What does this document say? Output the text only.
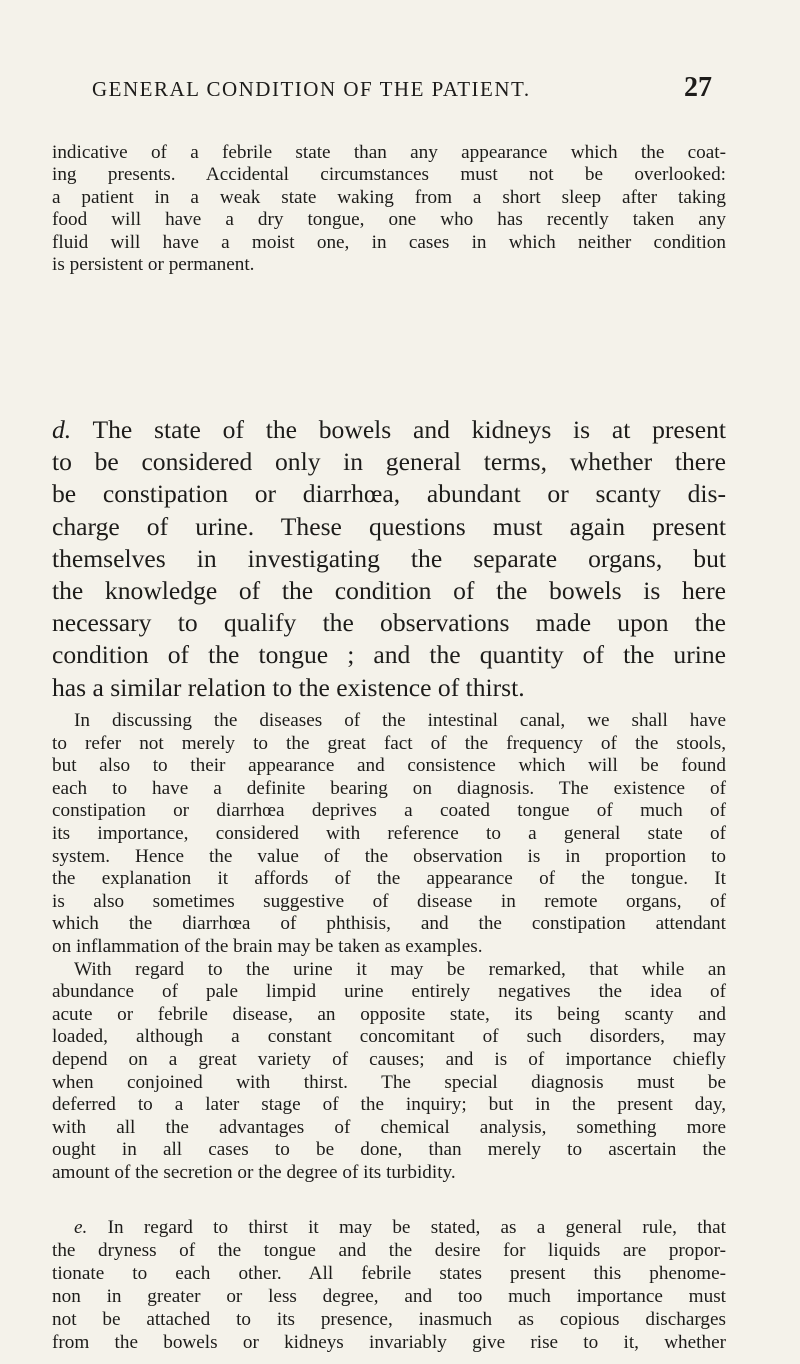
GENERAL CONDITION OF THE PATIENT.	27

indicative of a febrile state than any appearance which the coat-
ing presents. Accidental circumstances must not be overlooked:
a patient in a weak state waking from a short sleep after taking
food will have a dry tongue, one who has recently taken any
fluid will have a moist one, in cases in which neither condition
is persistent or permanent.

d. The state of the bowels and kidneys is at present
to be considered only in general terms, whether there
be constipation or diarrhœa, abundant or scanty dis-
charge of urine. These questions must again present
themselves in investigating the separate organs, but
the knowledge of the condition of the bowels is here
necessary to qualify the observations made upon the
condition of the tongue ; and the quantity of the urine
has a similar relation to the existence of thirst.

In discussing the diseases of the intestinal canal, we shall have
to refer not merely to the great fact of the frequency of the stools,
but also to their appearance and consistence which will be found
each to have a definite bearing on diagnosis. The existence of
constipation or diarrhœa deprives a coated tongue of much of
its importance, considered with reference to a general state of
system. Hence the value of the observation is in proportion to
the explanation it affords of the appearance of the tongue. It
is also sometimes suggestive of disease in remote organs, of
which the diarrhœa of phthisis, and the constipation attendant
on inflammation of the brain may be taken as examples.
With regard to the urine it may be remarked, that while an
abundance of pale limpid urine entirely negatives the idea of
acute or febrile disease, an opposite state, its being scanty and
loaded, although a constant concomitant of such disorders, may
depend on a great variety of causes; and is of importance chiefly
when conjoined with thirst. The special diagnosis must be
deferred to a later stage of the inquiry; but in the present day,
with all the advantages of chemical analysis, something more
ought in all cases to be done, than merely to ascertain the
amount of the secretion or the degree of its turbidity.

e. In regard to thirst it may be stated, as a general rule, that
the dryness of the tongue and the desire for liquids are propor-
tionate to each other. All febrile states present this phenome-
non in greater or less degree, and too much importance must
not be attached to its presence, inasmuch as copious discharges
from the bowels or kidneys invariably give rise to it, whether
